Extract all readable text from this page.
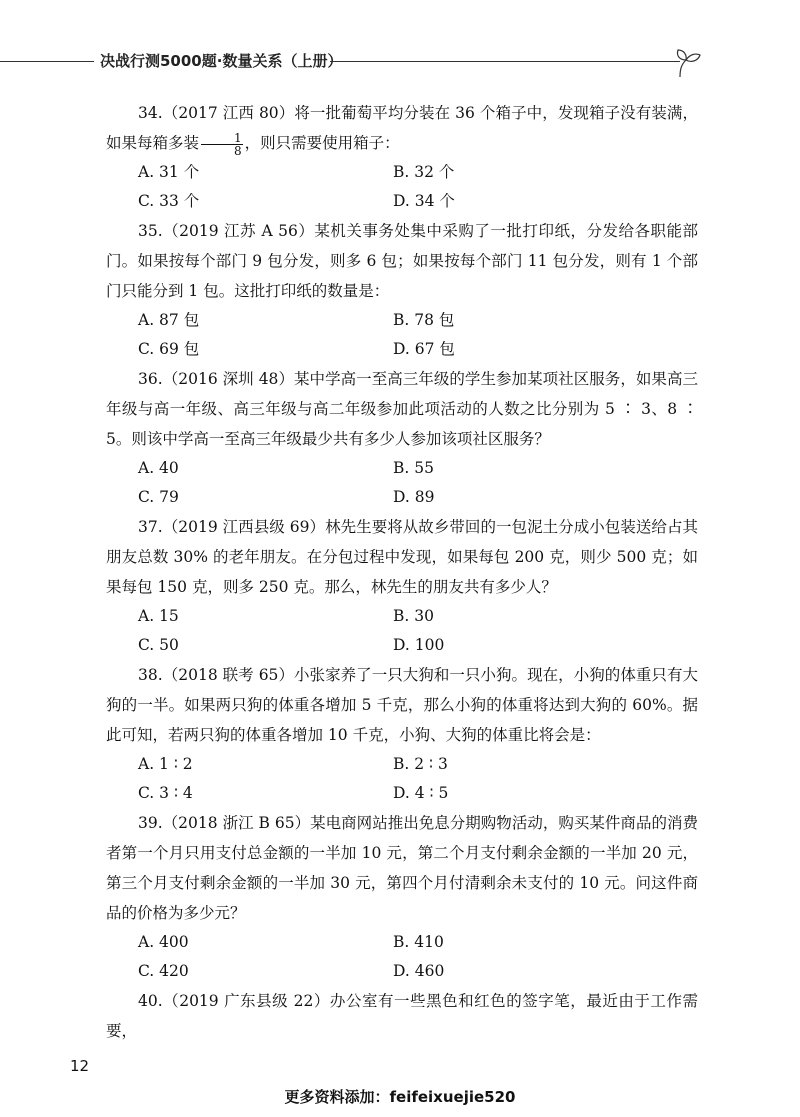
决战行测5000题·数量关系（上册）

34.（2017 江西 80）将一批葡萄平均分装在 36 个箱子中，发现箱子没有装满，如果每箱多装 $\frac{1}{8}$ ，则只需要使用箱子：

A. 31 个	B. 32 个
C. 33 个	D. 34 个

35.（2019 江苏 A 56）某机关事务处集中采购了一批打印纸，分发给各职能部门。如果按每个部门 9 包分发，则多 6 包；如果按每个部门 11 包分发，则有 1 个部门只能分到 1 包。这批打印纸的数量是：

A. 87 包	B. 78 包
C. 69 包	D. 67 包

36.（2016 深圳 48）某中学高一至高三年级的学生参加某项社区服务，如果高三年级与高一年级、高三年级与高二年级参加此项活动的人数之比分别为 5 ∶ 3、8 ∶ 5。则该中学高一至高三年级最少共有多少人参加该项社区服务？

A. 40	B. 55
C. 79	D. 89

37.（2019 江西县级 69）林先生要将从故乡带回的一包泥土分成小包装送给占其朋友总数 30% 的老年朋友。在分包过程中发现，如果每包 200 克，则少 500 克；如果每包 150 克，则多 250 克。那么，林先生的朋友共有多少人？

A. 15	B. 30
C. 50	D. 100

38.（2018 联考 65）小张家养了一只大狗和一只小狗。现在，小狗的体重只有大狗的一半。如果两只狗的体重各增加 5 千克，那么小狗的体重将达到大狗的 60%。据此可知，若两只狗的体重各增加 10 千克，小狗、大狗的体重比将会是：

A. 1 ∶ 2	B. 2 ∶ 3
C. 3 ∶ 4	D. 4 ∶ 5

39.（2018 浙江 B 65）某电商网站推出免息分期购物活动，购买某件商品的消费者第一个月只用支付总金额的一半加 10 元，第二个月支付剩余金额的一半加 20 元，第三个月支付剩余金额的一半加 30 元，第四个月付清剩余未支付的 10 元。问这件商品的价格为多少元？

A. 400	B. 410
C. 420	D. 460

40.（2019 广东县级 22）办公室有一些黑色和红色的签字笔，最近由于工作需要，

12
更多资料添加：feifeixuejie520
